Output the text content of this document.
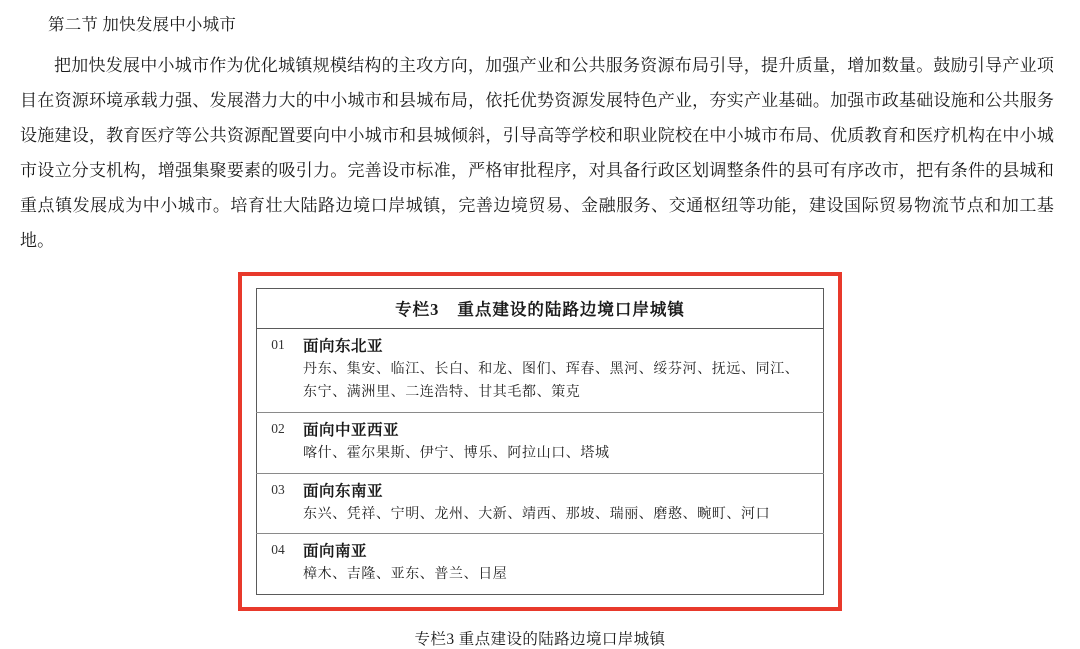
第二节 加快发展中小城市
把加快发展中小城市作为优化城镇规模结构的主攻方向，加强产业和公共服务资源布局引导，提升质量，增加数量。鼓励引导产业项目在资源环境承载力强、发展潜力大的中小城市和县城布局，依托优势资源发展特色产业，夯实产业基础。加强市政基础设施和公共服务设施建设，教育医疗等公共资源配置要向中小城市和县城倾斜，引导高等学校和职业院校在中小城市布局、优质教育和医疗机构在中小城市设立分支机构，增强集聚要素的吸引力。完善设市标准，严格审批程序，对具备行政区划调整条件的县可有序改市，把有条件的县城和重点镇发展成为中小城市。培育壮大陆路边境口岸城镇，完善边境贸易、金融服务、交通枢纽等功能，建设国际贸易物流节点和加工基地。
专栏3 重点建设的陆路边境口岸城镇	
01	面向东北亚
丹东、集安、临江、长白、和龙、图们、珲春、黑河、绥芬河、抚远、同江、东宁、满洲里、二连浩特、甘其毛都、策克

02	面向中亚西亚
喀什、霍尔果斯、伊宁、博乐、阿拉山口、塔城

03	面向东南亚
东兴、凭祥、宁明、龙州、大新、靖西、那坡、瑞丽、磨憨、畹町、河口

04	面向南亚
樟木、吉隆、亚东、普兰、日屋
专栏3 重点建设的陆路边境口岸城镇
